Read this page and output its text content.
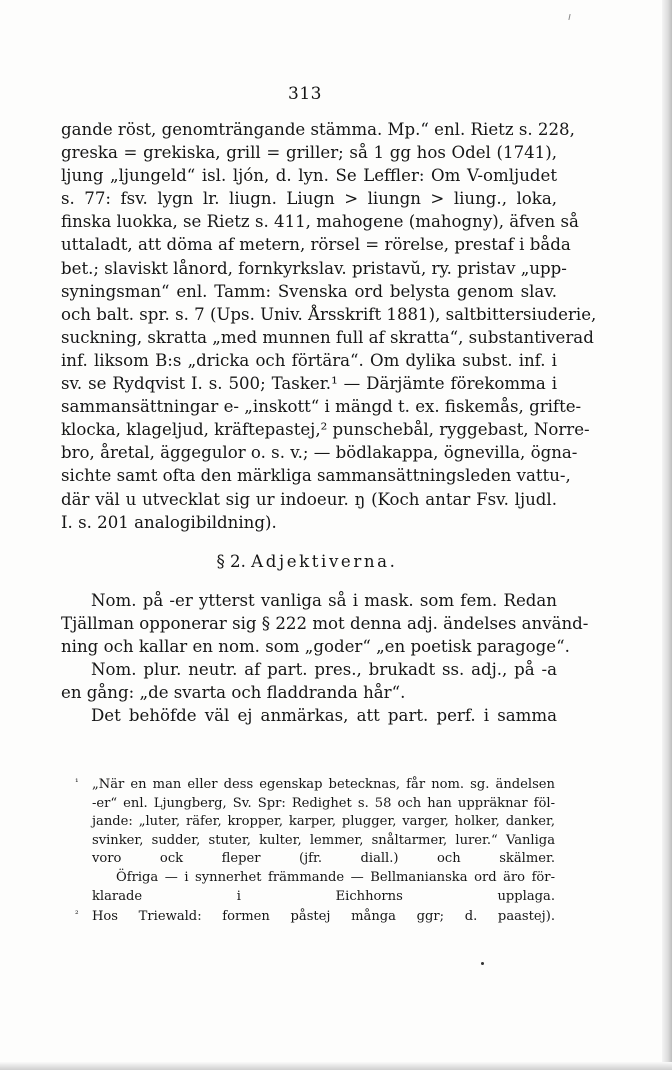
313
gande röst, genomträngande stämma. Mp.“ enl. Rietz s. 228,
greska = grekiska, grill = griller; så 1 gg hos Odel (1741),
ljung „ljungeld“ isl. ljón, d. lyn. Se Leffler: Om V-omljudet
s. 77: fsv. lygn lr. liugn. Liugn > liungn > liung., loka,
finska luokka, se Rietz s. 411, mahogene (mahogny), äfven så
uttaladt, att döma af metern, rörsel = rörelse, prestaf i båda
bet.; slaviskt lånord, fornkyrkslav. pristavŭ, ry. pristav „upp-
syningsman“ enl. Tamm: Svenska ord belysta genom slav.
och balt. spr. s. 7 (Ups. Univ. Årsskrift 1881), saltbittersiuderie,
suckning, skratta „med munnen full af skratta“, substantiverad
inf. liksom B:s „dricka och förtära“. Om dylika subst. inf. i
sv. se Rydqvist I. s. 500; Tasker.¹ — Därjämte förekomma i
sammansättningar e- „inskott“ i mängd t. ex. fiskemås, grifte-
klocka, klageljud, kräftepastej,² punschebål, ryggebast, Norre-
bro, åretal, äggegulor o. s. v.; — bödlakappa, ögnevilla, ögna-
sichte samt ofta den märkliga sammansättningsleden vattu-,
där väl u utvecklat sig ur indoeur. ŋ (Koch antar Fsv. ljudl.
I. s. 201 analogibildning).
§ 2. Adjektiverna.
Nom. på -er ytterst vanliga så i mask. som fem. Redan
Tjällman opponerar sig § 222 mot denna adj. ändelses använd-
ning och kallar en nom. som „goder“ „en poetisk paragoge“.
Nom. plur. neutr. af part. pres., brukadt ss. adj., på -a
en gång: „de svarta och fladdranda hår“.
Det behöfde väl ej anmärkas, att part. perf. i samma
¹ „När en man eller dess egenskap betecknas, får nom. sg. ändelsen
-er“ enl. Ljungberg, Sv. Spr: Redighet s. 58 och han uppräknar föl-
jande: „luter, räfer, kropper, karper, plugger, varger, holker, danker,
svinker, sudder, stuter, kulter, lemmer, snåltarmer, lurer.“ Vanliga
voro ock fleper (jfr. diall.) och skälmer.
Öfriga — i synnerhet främmande — Bellmanianska ord äro för-
klarade i Eichhorns upplaga.
² Hos Triewald: formen påstej många ggr; d. paastej).
